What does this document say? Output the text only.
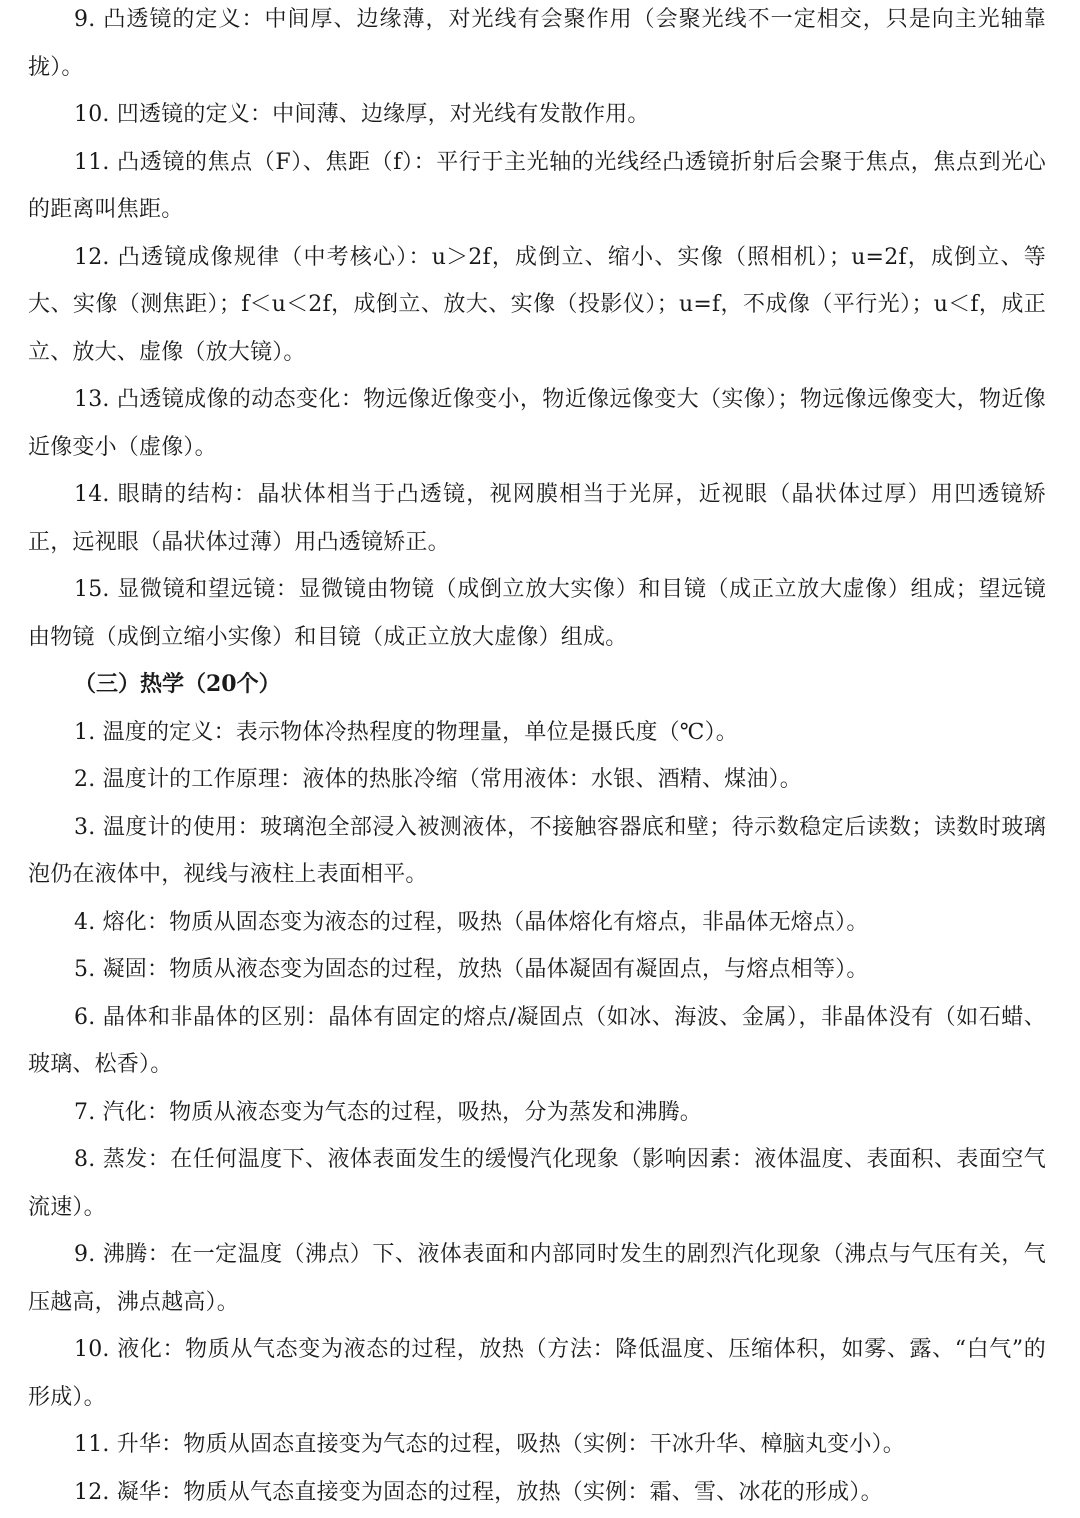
9. 凸透镜的定义：中间厚、边缘薄，对光线有会聚作用（会聚光线不一定相交，只是向主光轴靠拢）。

10. 凹透镜的定义：中间薄、边缘厚，对光线有发散作用。

11. 凸透镜的焦点（F）、焦距（f）：平行于主光轴的光线经凸透镜折射后会聚于焦点，焦点到光心的距离叫焦距。

12. 凸透镜成像规律（中考核心）：u＞2f，成倒立、缩小、实像（照相机）；u=2f，成倒立、等大、实像（测焦距）；f＜u＜2f，成倒立、放大、实像（投影仪）；u=f，不成像（平行光）；u＜f，成正立、放大、虚像（放大镜）。

13. 凸透镜成像的动态变化：物远像近像变小，物近像远像变大（实像）；物远像远像变大，物近像近像变小（虚像）。

14. 眼睛的结构：晶状体相当于凸透镜，视网膜相当于光屏，近视眼（晶状体过厚）用凹透镜矫正，远视眼（晶状体过薄）用凸透镜矫正。

15. 显微镜和望远镜：显微镜由物镜（成倒立放大实像）和目镜（成正立放大虚像）组成；望远镜由物镜（成倒立缩小实像）和目镜（成正立放大虚像）组成。

（三）热学（20个）

1. 温度的定义：表示物体冷热程度的物理量，单位是摄氏度（℃）。

2. 温度计的工作原理：液体的热胀冷缩（常用液体：水银、酒精、煤油）。

3. 温度计的使用：玻璃泡全部浸入被测液体，不接触容器底和壁；待示数稳定后读数；读数时玻璃泡仍在液体中，视线与液柱上表面相平。

4. 熔化：物质从固态变为液态的过程，吸热（晶体熔化有熔点，非晶体无熔点）。

5. 凝固：物质从液态变为固态的过程，放热（晶体凝固有凝固点，与熔点相等）。

6. 晶体和非晶体的区别：晶体有固定的熔点/凝固点（如冰、海波、金属），非晶体没有（如石蜡、玻璃、松香）。

7. 汽化：物质从液态变为气态的过程，吸热，分为蒸发和沸腾。

8. 蒸发：在任何温度下、液体表面发生的缓慢汽化现象（影响因素：液体温度、表面积、表面空气流速）。

9. 沸腾：在一定温度（沸点）下、液体表面和内部同时发生的剧烈汽化现象（沸点与气压有关，气压越高，沸点越高）。

10. 液化：物质从气态变为液态的过程，放热（方法：降低温度、压缩体积，如雾、露、“白气”的形成）。

11. 升华：物质从固态直接变为气态的过程，吸热（实例：干冰升华、樟脑丸变小）。

12. 凝华：物质从气态直接变为固态的过程，放热（实例：霜、雪、冰花的形成）。
